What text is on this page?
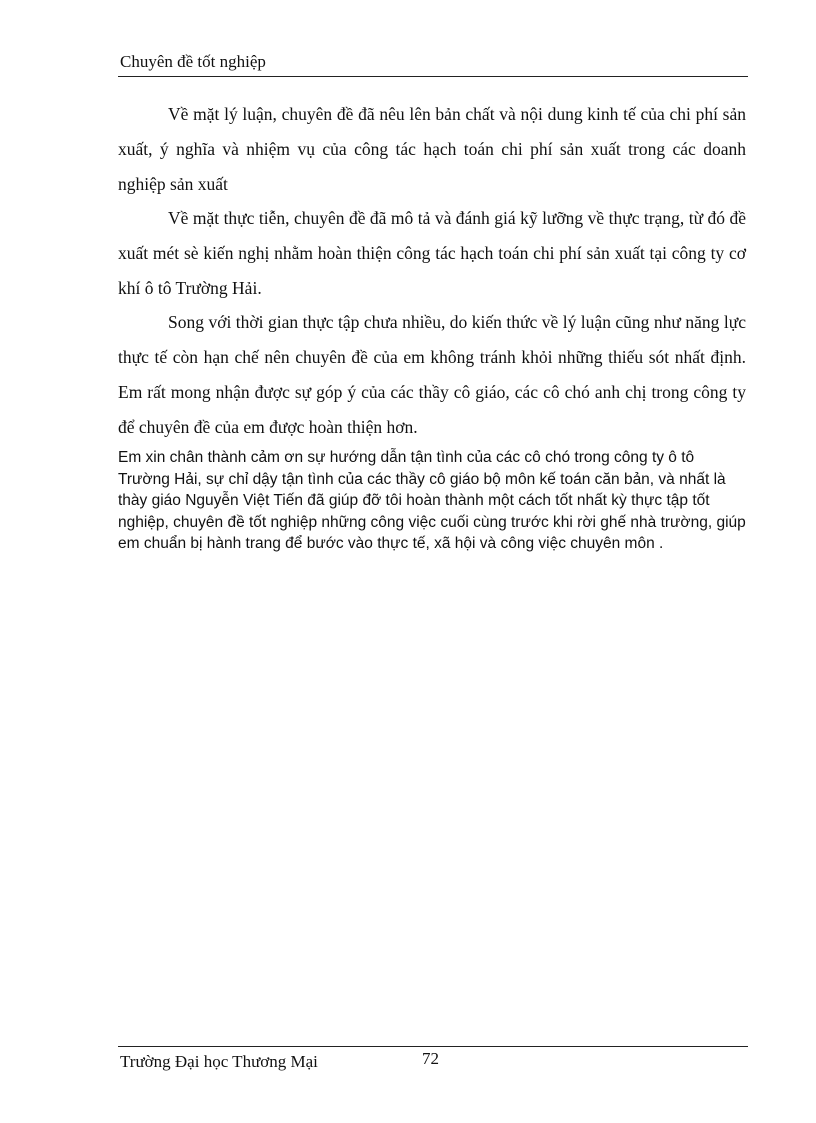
Chuyên đề tốt nghiệp

Về mặt lý luận, chuyên đề đã nêu lên bản chất và nội dung kinh tế của chi phí sản xuất, ý nghĩa và nhiệm vụ của công tác hạch toán chi phí sản xuất trong các doanh nghiệp sản xuất

Về mặt thực tiễn, chuyên đề đã mô tả và đánh giá kỹ lưỡng về thực trạng, từ đó đề xuất mét sè kiến nghị nhằm hoàn thiện công tác hạch toán chi phí sản xuất tại công ty cơ khí ô tô Trường Hải.

Song với thời gian thực tập chưa nhiều, do kiến thức về lý luận cũng như năng lực thực tế còn hạn chế nên chuyên đề của em không tránh khỏi những thiếu sót nhất định. Em rất mong nhận được sự góp ý của các thầy cô giáo, các cô chó anh chị trong công ty để chuyên đề của em được hoàn thiện hơn.

Em xin chân thành cảm ơn sự hướng dẫn tận tình của các cô chó trong công ty ô tô Trường Hải, sự chỉ dậy tận tình của các thầy cô giáo bộ môn kế toán căn bản, và nhất là thày giáo Nguyễn Việt Tiến đã giúp đỡ tôi hoàn thành một cách tốt nhất kỳ thực tập tốt nghiệp, chuyên đề tốt nghiệp những công việc cuối cùng trước khi rời ghế nhà trường, giúp em chuẩn bị hành trang để bước vào thực tế, xã hội và công việc chuyên môn .

Trường Đại học Thương Mại	72
